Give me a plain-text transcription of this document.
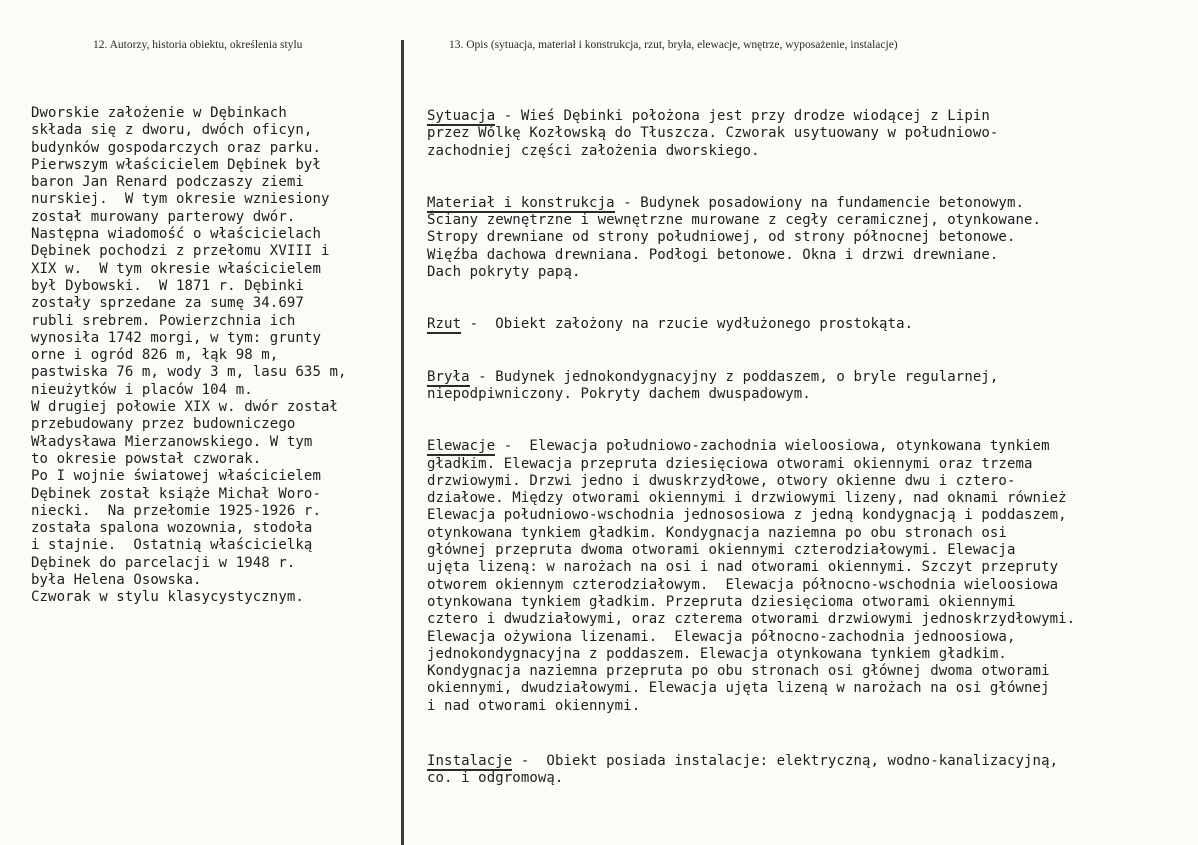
12. Autorzy, historia obiektu, określenia stylu	13. Opis (sytuacja, materiał i konstrukcja, rzut, bryła, elewacje, wnętrze, wyposażenie, instalacje)
Dworskie założenie w Dębinkach
składa się z dworu, dwóch oficyn,
budynków gospodarczych oraz parku.
Pierwszym właścicielem Dębinek był
baron Jan Renard podczaszy ziemi
nurskiej.  W tym okresie wzniesiony
został murowany parterowy dwór.
Następna wiadomość o właścicielach
Dębinek pochodzi z przełomu XVIII i
XIX w.  W tym okresie właścicielem
był Dybowski.  W 1871 r. Dębinki
zostały sprzedane za sumę 34.697
rubli srebrem. Powierzchnia ich
wynosiła 1742 morgi, w tym: grunty
orne i ogród 826 m, łąk 98 m,
pastwiska 76 m, wody 3 m, lasu 635 m,
nieużytków i placów 104 m.
W drugiej połowie XIX w. dwór został
przebudowany przez budowniczego
Władysława Mierzanowskiego. W tym
to okresie powstał czworak.
Po I wojnie światowej właścicielem
Dębinek został książe Michał Woro-
niecki.  Na przełomie 1925-1926 r.
została spalona wozownia, stodoła
i stajnie.  Ostatnią właścicielką
Dębinek do parcelacji w 1948 r.
była Helena Osowska.
Czworak w stylu klasycystycznym.
Sytuacja - Wieś Dębinki położona jest przy drodze wiodącej z Lipin
przez Wólkę Kozłowską do Tłuszcza. Czworak usytuowany w południowo-
zachodniej części założenia dworskiego.
Materiał i konstrukcja - Budynek posadowiony na fundamencie betonowym.
Ściany zewnętrzne i wewnętrzne murowane z cegły ceramicznej, otynkowane.
Stropy drewniane od strony południowej, od strony północnej betonowe.
Więźba dachowa drewniana. Podłogi betonowe. Okna i drzwi drewniane.
Dach pokryty papą.
Rzut -  Obiekt założony na rzucie wydłużonego prostokąta.
Bryła - Budynek jednokondygnacyjny z poddaszem, o bryle regularnej,
niepodpiwniczony. Pokryty dachem dwuspadowym.
Elewacje -  Elewacja południowo-zachodnia wieloosiowa, otynkowana tynkiem
gładkim. Elewacja przepruta dziesięciowa otworami okiennymi oraz trzema
drzwiowymi. Drzwi jedno i dwuskrzydłowe, otwory okienne dwu i cztero-
działowe. Między otworami okiennymi i drzwiowymi lizeny, nad oknami również
Elewacja południowo-wschodnia jednososiowa z jedną kondygnacją i poddaszem,
otynkowana tynkiem gładkim. Kondygnacja naziemna po obu stronach osi
głównej przepruta dwoma otworami okiennymi czterodziałowymi. Elewacja
ujęta lizeną: w narożach na osi i nad otworami okiennymi. Szczyt przepruty
otworem okiennym czterodziałowym.  Elewacja północno-wschodnia wieloosiowa
otynkowana tynkiem gładkim. Przepruta dziesięcioma otworami okiennymi
cztero i dwudziałowymi, oraz czterema otworami drzwiowymi jednoskrzydłowymi.
Elewacja ożywiona lizenami.  Elewacja północno-zachodnia jednoosiowa,
jednokondygnacyjna z poddaszem. Elewacja otynkowana tynkiem gładkim.
Kondygnacja naziemna przepruta po obu stronach osi głównej dwoma otworami
okiennymi, dwudziałowymi. Elewacja ujęta lizeną w narożach na osi głównej
i nad otworami okiennymi.
Instalacje -  Obiekt posiada instalacje: elektryczną, wodno-kanalizacyjną,
co. i odgromową.
